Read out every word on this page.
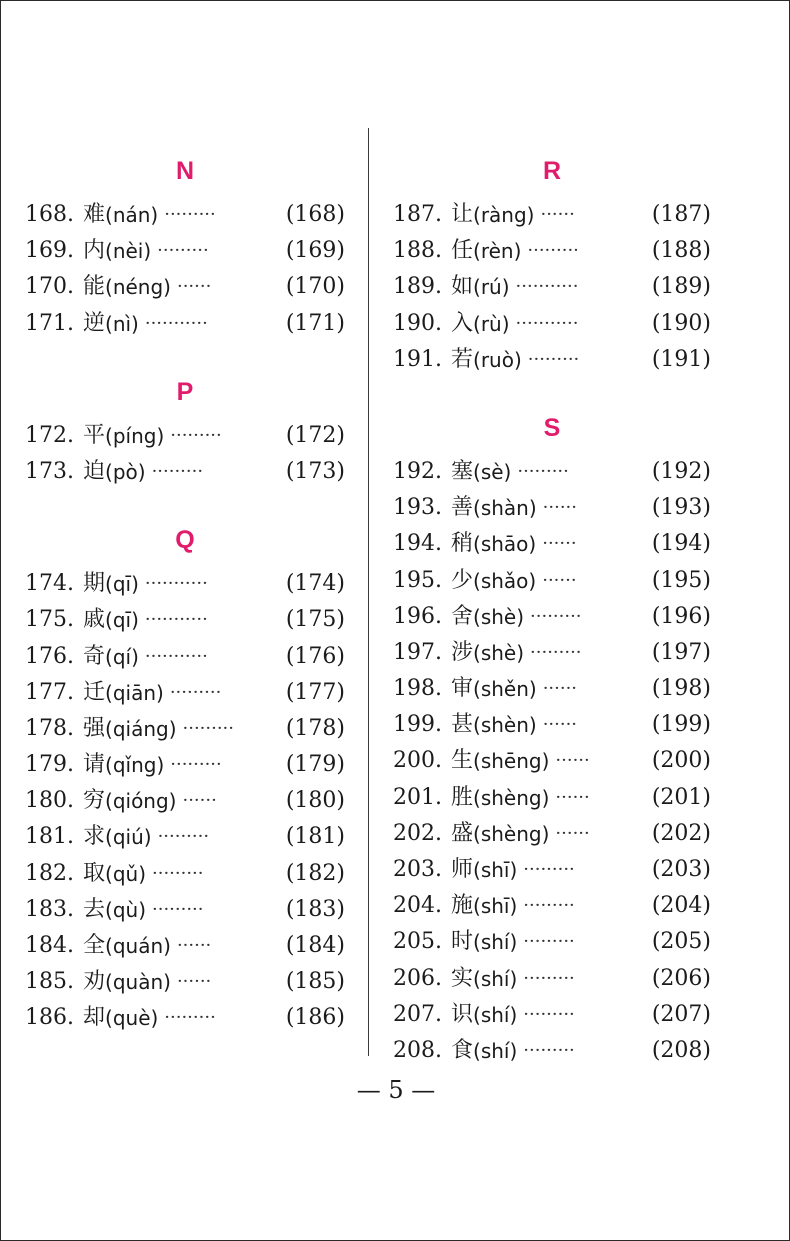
N
168. 难 (nán) ·········	(168)
169. 内 (nèi) ·········	(169)
170. 能 (néng) ······	(170)
171. 逆 (nì) ···········	(171)
P
172. 平 (píng) ·········	(172)
173. 迫 (pò) ·········	(173)
Q
174. 期 (qī) ···········	(174)
175. 戚 (qī) ···········	(175)
176. 奇 (qí) ···········	(176)
177. 迁 (qiān) ·········	(177)
178. 强 (qiáng) ·········	(178)
179. 请 (qǐng) ·········	(179)
180. 穷 (qióng) ······	(180)
181. 求 (qiú) ·········	(181)
182. 取 (qǔ) ·········	(182)
183. 去 (qù) ·········	(183)
184. 全 (quán) ······	(184)
185. 劝 (quàn) ······	(185)
186. 却 (què) ·········	(186)
R
187. 让 (ràng) ······	(187)
188. 任 (rèn) ·········	(188)
189. 如 (rú) ···········	(189)
190. 入 (rù) ···········	(190)
191. 若 (ruò) ·········	(191)
S
192. 塞 (sè) ·········	(192)
193. 善 (shàn) ······	(193)
194. 稍 (shāo) ······	(194)
195. 少 (shǎo) ······	(195)
196. 舍 (shè) ·········	(196)
197. 涉 (shè) ·········	(197)
198. 审 (shěn) ······	(198)
199. 甚 (shèn) ······	(199)
200. 生 (shēng) ······	(200)
201. 胜 (shèng) ······	(201)
202. 盛 (shèng) ······	(202)
203. 师 (shī) ·········	(203)
204. 施 (shī) ·········	(204)
205. 时 (shí) ·········	(205)
206. 实 (shí) ·········	(206)
207. 识 (shí) ·········	(207)
208. 食 (shí) ·········	(208)
— 5 —
